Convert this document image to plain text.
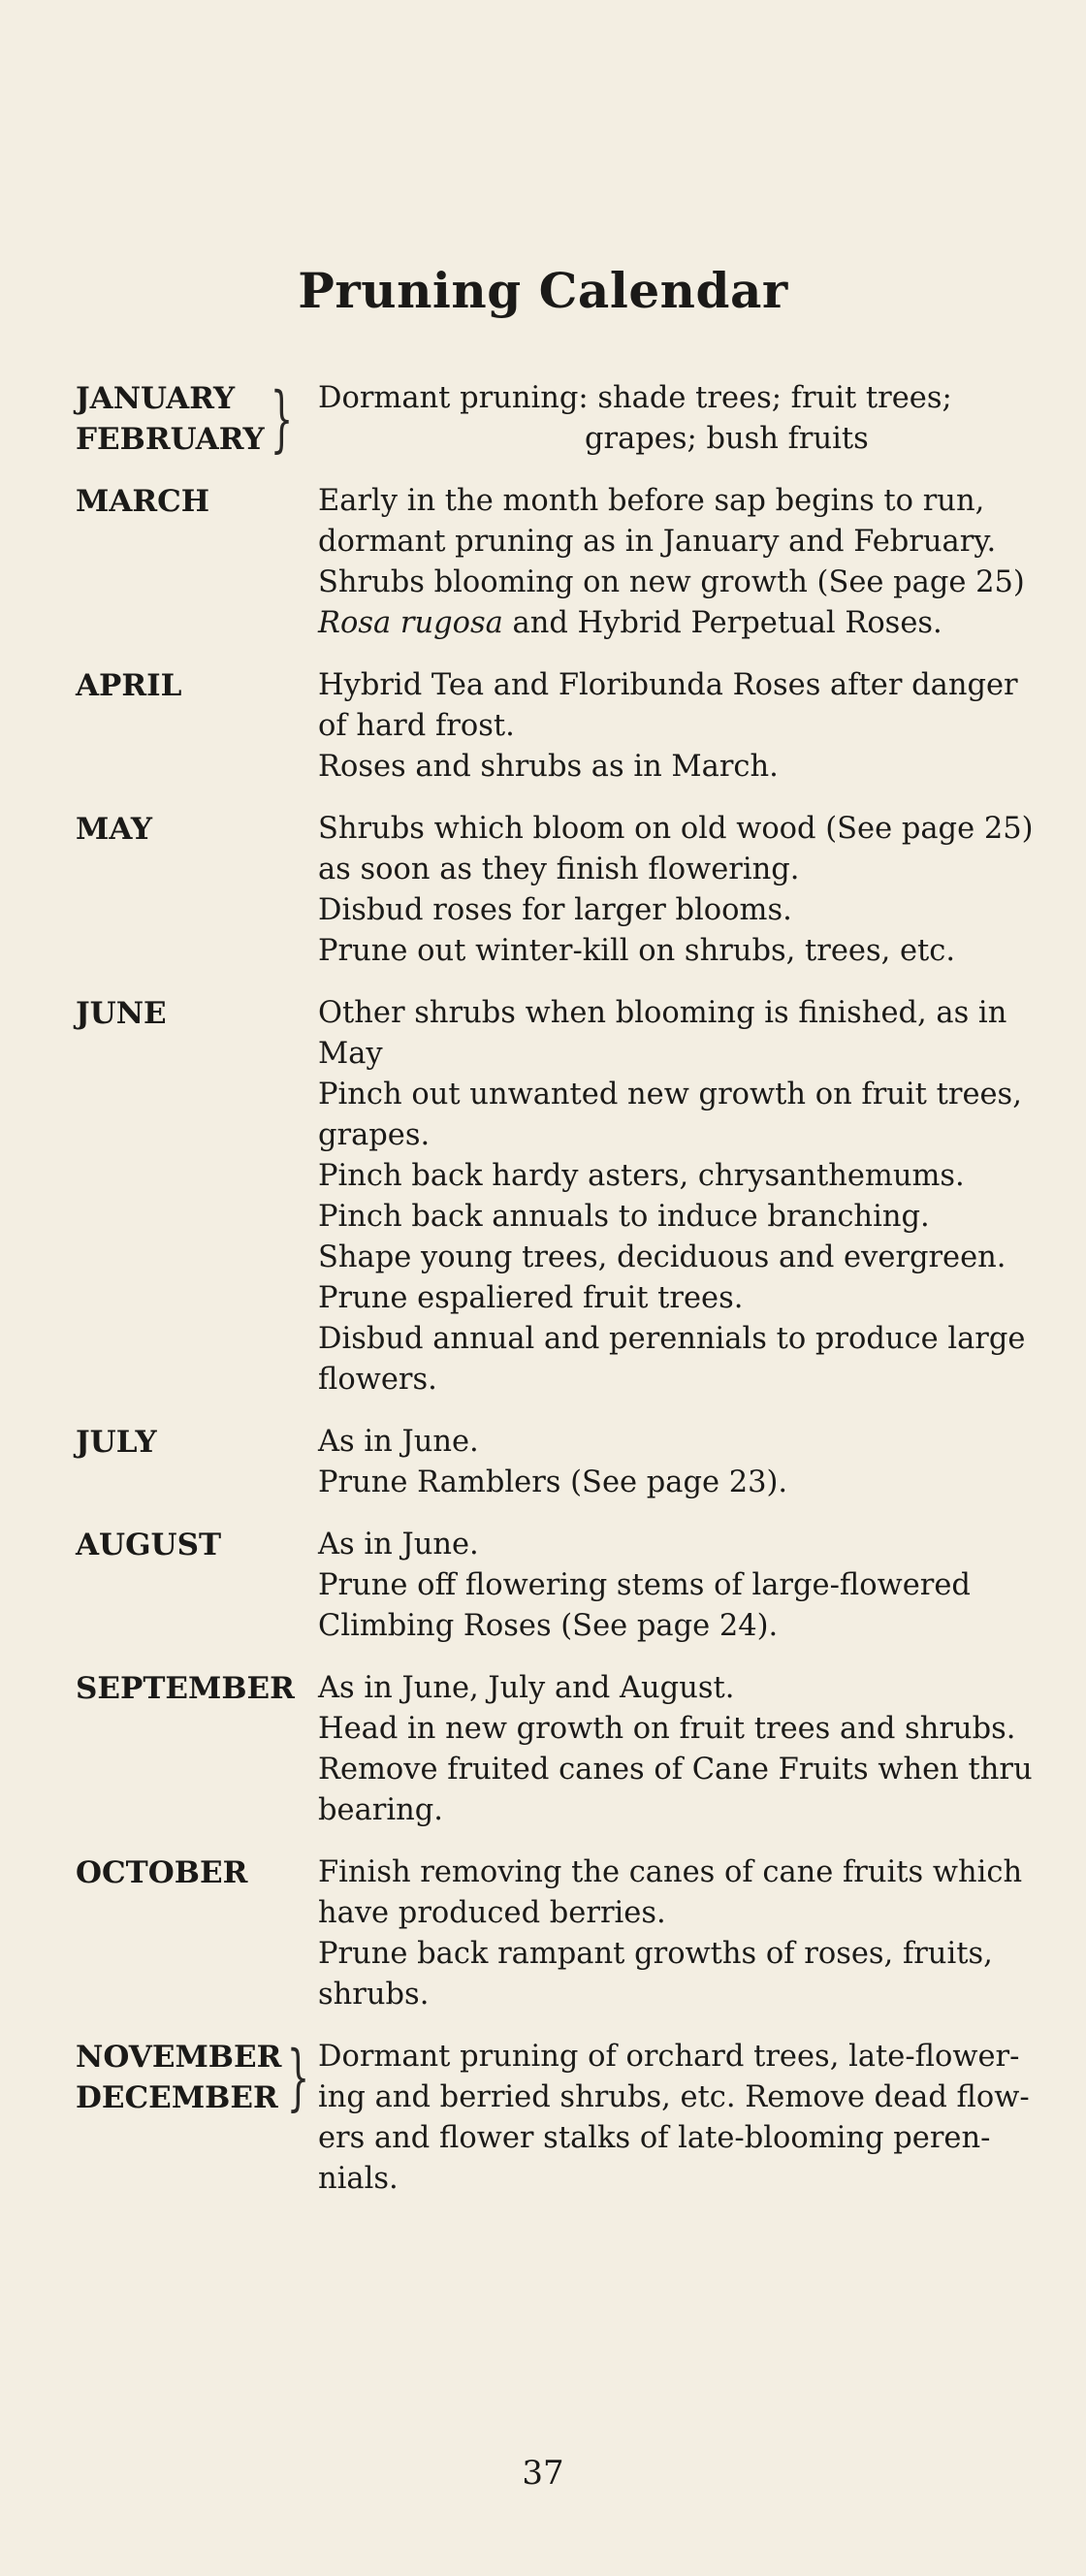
Pruning Calendar
JANUARY
FEBRUARY } Dormant pruning: shade trees; fruit trees;
grapes; bush fruits
MARCH	Early in the month before sap begins to run,
dormant pruning as in January and February.
Shrubs blooming on new growth (See page 25)
Rosa rugosa and Hybrid Perpetual Roses.
APRIL	Hybrid Tea and Floribunda Roses after danger
of hard frost.
Roses and shrubs as in March.
MAY	Shrubs which bloom on old wood (See page 25)
as soon as they finish flowering.
Disbud roses for larger blooms.
Prune out winter-kill on shrubs, trees, etc.
JUNE	Other shrubs when blooming is finished, as in
May
Pinch out unwanted new growth on fruit trees,
grapes.
Pinch back hardy asters, chrysanthemums.
Pinch back annuals to induce branching.
Shape young trees, deciduous and evergreen.
Prune espaliered fruit trees.
Disbud annual and perennials to produce large
flowers.
JULY	As in June.
Prune Ramblers (See page 23).
AUGUST	As in June.
Prune off flowering stems of large-flowered
Climbing Roses (See page 24).
SEPTEMBER As in June, July and August.
Head in new growth on fruit trees and shrubs.
Remove fruited canes of Cane Fruits when thru
bearing.
OCTOBER Finish removing the canes of cane fruits which
have produced berries.
Prune back rampant growths of roses, fruits,
shrubs.
NOVEMBER
DECEMBER } Dormant pruning of orchard trees, late-flower-
ing and berried shrubs, etc. Remove dead flow-
ers and flower stalks of late-blooming peren-
nials.
37
